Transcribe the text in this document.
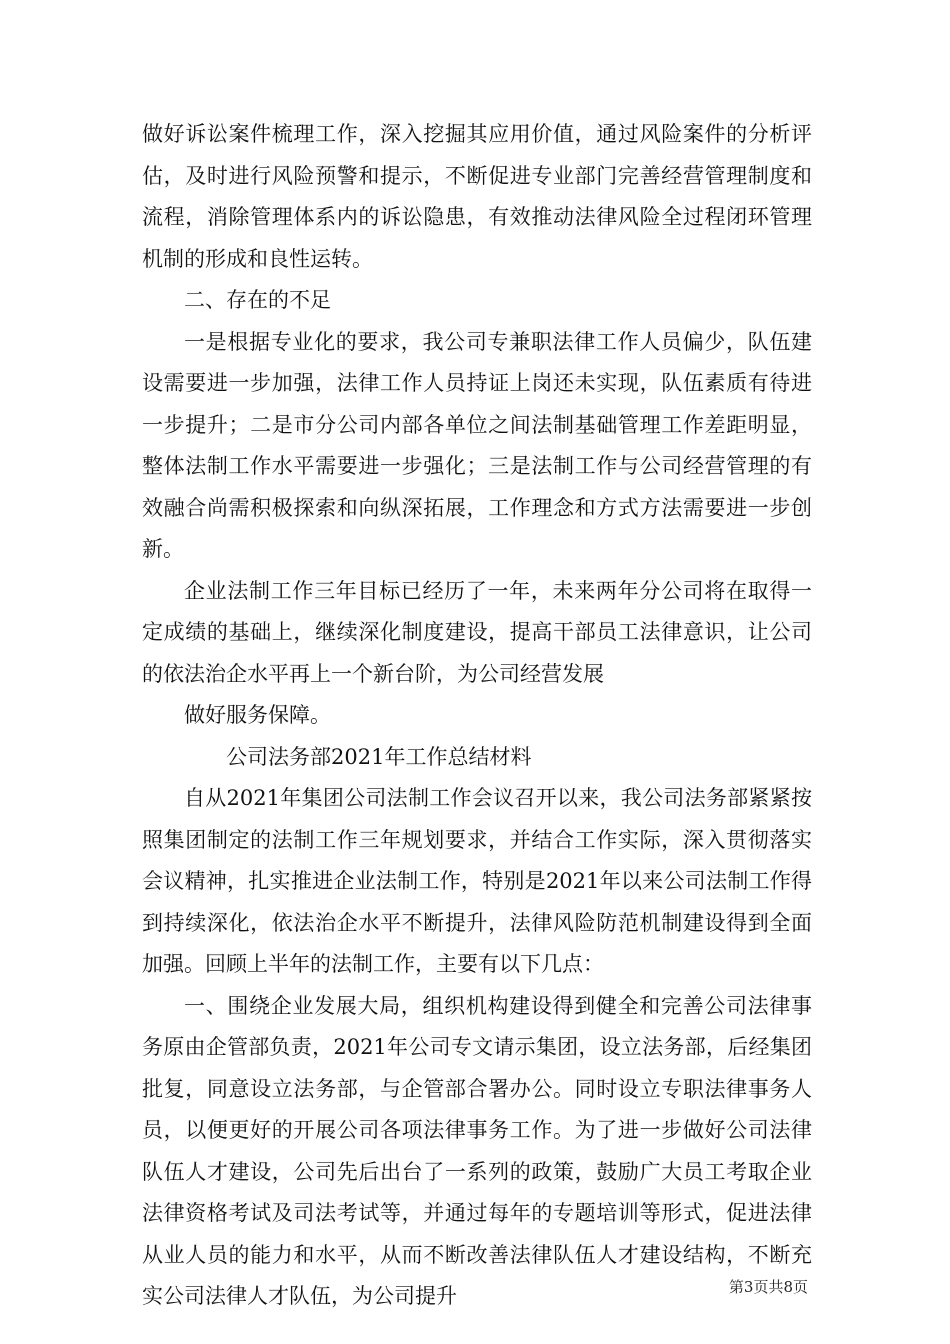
做好诉讼案件梳理工作，深入挖掘其应用价值，通过风险案件的分析评估，及时进行风险预警和提示，不断促进专业部门完善经营管理制度和流程，消除管理体系内的诉讼隐患，有效推动法律风险全过程闭环管理机制的形成和良性运转。

二、存在的不足

一是根据专业化的要求，我公司专兼职法律工作人员偏少，队伍建设需要进一步加强，法律工作人员持证上岗还未实现，队伍素质有待进一步提升；二是市分公司内部各单位之间法制基础管理工作差距明显，整体法制工作水平需要进一步强化；三是法制工作与公司经营管理的有效融合尚需积极探索和向纵深拓展，工作理念和方式方法需要进一步创新。

企业法制工作三年目标已经历了一年，未来两年分公司将在取得一定成绩的基础上，继续深化制度建设，提高干部员工法律意识，让公司的依法治企水平再上一个新台阶，为公司经营发展

做好服务保障。

公司法务部2021年工作总结材料

自从2021年集团公司法制工作会议召开以来，我公司法务部紧紧按照集团制定的法制工作三年规划要求，并结合工作实际，深入贯彻落实会议精神，扎实推进企业法制工作，特别是2021年以来公司法制工作得到持续深化，依法治企水平不断提升，法律风险防范机制建设得到全面加强。回顾上半年的法制工作，主要有以下几点：

一、围绕企业发展大局，组织机构建设得到健全和完善公司法律事务原由企管部负责，2021年公司专文请示集团，设立法务部，后经集团批复，同意设立法务部，与企管部合署办公。同时设立专职法律事务人员，以便更好的开展公司各项法律事务工作。为了进一步做好公司法律队伍人才建设，公司先后出台了一系列的政策，鼓励广大员工考取企业法律资格考试及司法考试等，并通过每年的专题培训等形式，促进法律从业人员的能力和水平，从而不断改善法律队伍人才建设结构，不断充实公司法律人才队伍，为公司提升	第3页共8页
